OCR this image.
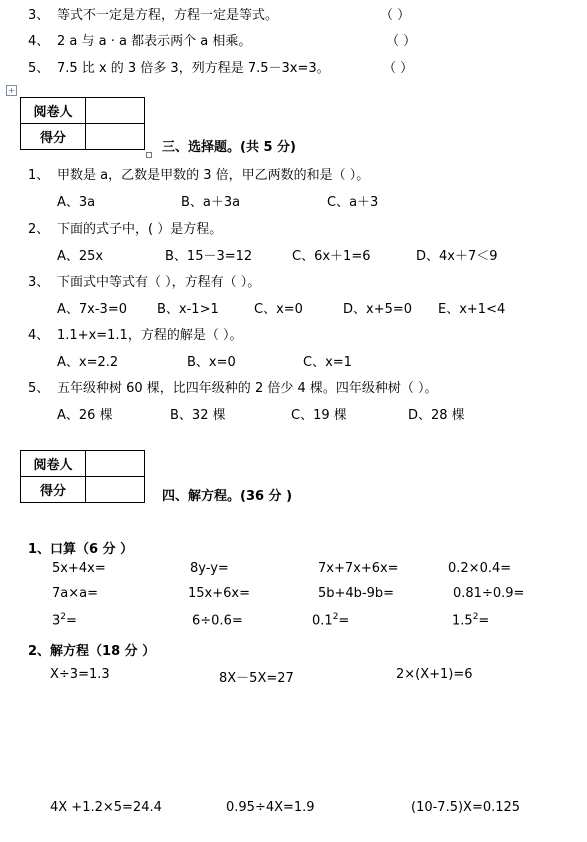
3、 等式不一定是方程，方程一定是等式。	（ ）
4、 2 a 与 a · a 都表示两个 a 相乘。	（ ）
5、 7.5 比 x 的 3 倍多 3，列方程是 7.5－3x=3。	（ ）
+
阅卷人	
得分	
三、选择题。(共 5 分)
1、 甲数是 a，乙数是甲数的 3 倍，甲乙两数的和是（ ）。
A、3a	B、a＋3a	C、a＋3
2、 下面的式子中，( ）是方程。
A、25x	B、15－3=12	C、6x＋1=6	D、4x＋7＜9
3、 下面式中等式有（ ），方程有（ ）。
A、7x-3=0 B、x-1>1	C、x=0	D、x+5=0 E、x+1<4
4、 1.1+x=1.1，方程的解是（ ）。
A、x=2.2	B、x=0	C、x=1
5、 五年级种树 60 棵，比四年级种的 2 倍少 4 棵。四年级种树（ ）。
A、26 棵	B、32 棵	C、19 棵	D、28 棵
阅卷人	
得分		四、解方程。(36 分 )
1、口算（6 分 ）
5x+4x=	8y-y=	7x+7x+6x=	0.2×0.4=
7a×a=	15x+6x=	5b+4b-9b=	0.81÷0.9=
$3^2=$	6÷0.6=	$0.1^2=$	$1.5^2=$
2、解方程（18 分 ）
X÷3=1.3	8X－5X=27	2×(X+1)=6
4X +1.2×5=24.4	0.95÷4X=1.9	(10-7.5)X=0.125
